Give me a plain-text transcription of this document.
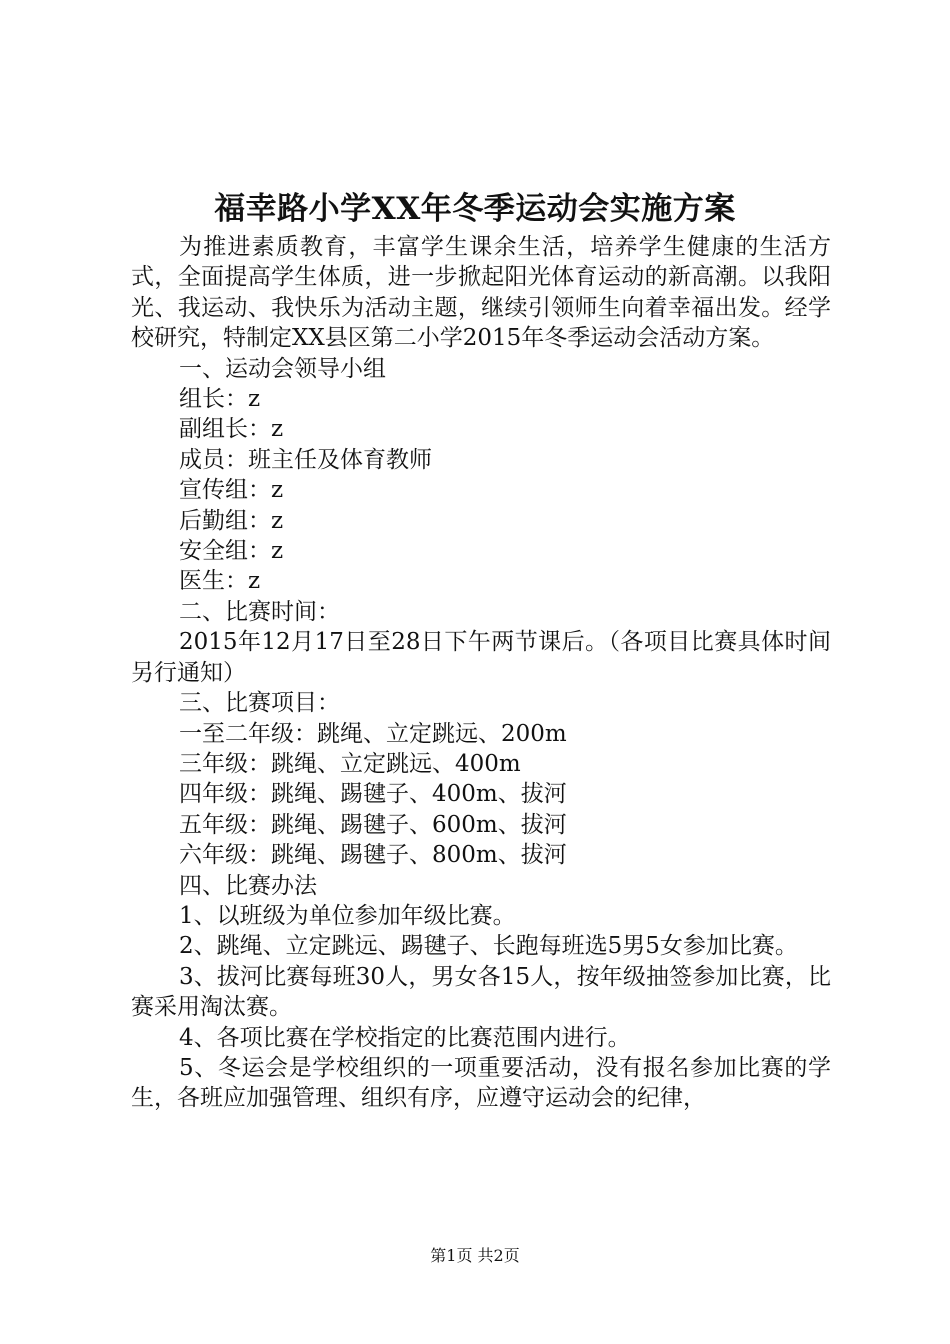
福幸路小学XX年冬季运动会实施方案

为推进素质教育，丰富学生课余生活，培养学生健康的生活方式，全面提高学生体质，进一步掀起阳光体育运动的新高潮。以我阳光、我运动、我快乐为活动主题，继续引领师生向着幸福出发。经学校研究，特制定XX县区第二小学2015年冬季运动会活动方案。

一、运动会领导小组

组长：z

副组长：z

成员：班主任及体育教师

宣传组：z

后勤组：z

安全组：z

医生：z

二、比赛时间：

2015年12月17日至28日下午两节课后。（各项目比赛具体时间另行通知）

三、比赛项目：

一至二年级：跳绳、立定跳远、200m

三年级：跳绳、立定跳远、400m

四年级：跳绳、踢毽子、400m、拔河

五年级：跳绳、踢毽子、600m、拔河

六年级：跳绳、踢毽子、800m、拔河

四、比赛办法

1、以班级为单位参加年级比赛。

2、跳绳、立定跳远、踢毽子、长跑每班选5男5女参加比赛。

3、拔河比赛每班30人，男女各15人，按年级抽签参加比赛，比赛采用淘汰赛。

4、各项比赛在学校指定的比赛范围内进行。

5、冬运会是学校组织的一项重要活动，没有报名参加比赛的学生，各班应加强管理、组织有序，应遵守运动会的纪律，

第1页 共2页
